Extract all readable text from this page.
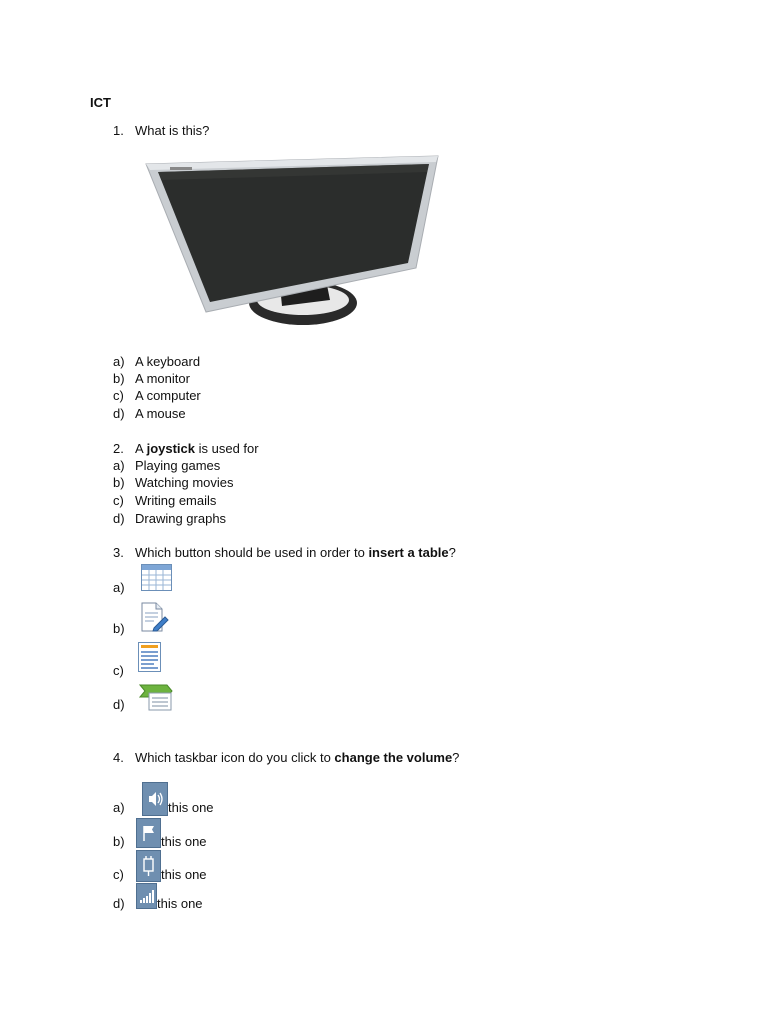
ICT
1. What is this?
a) A keyboard
b) A monitor
c) A computer
d) A mouse
2. A joystick is used for
a) Playing games
b) Watching movies
c) Writing emails
d) Drawing graphs
3. Which button should be used in order to insert a table?
a)
b)
c)
d)
4. Which taskbar icon do you click to change the volume?
a)	this one
b)	this one
c)	this one
d) this one
